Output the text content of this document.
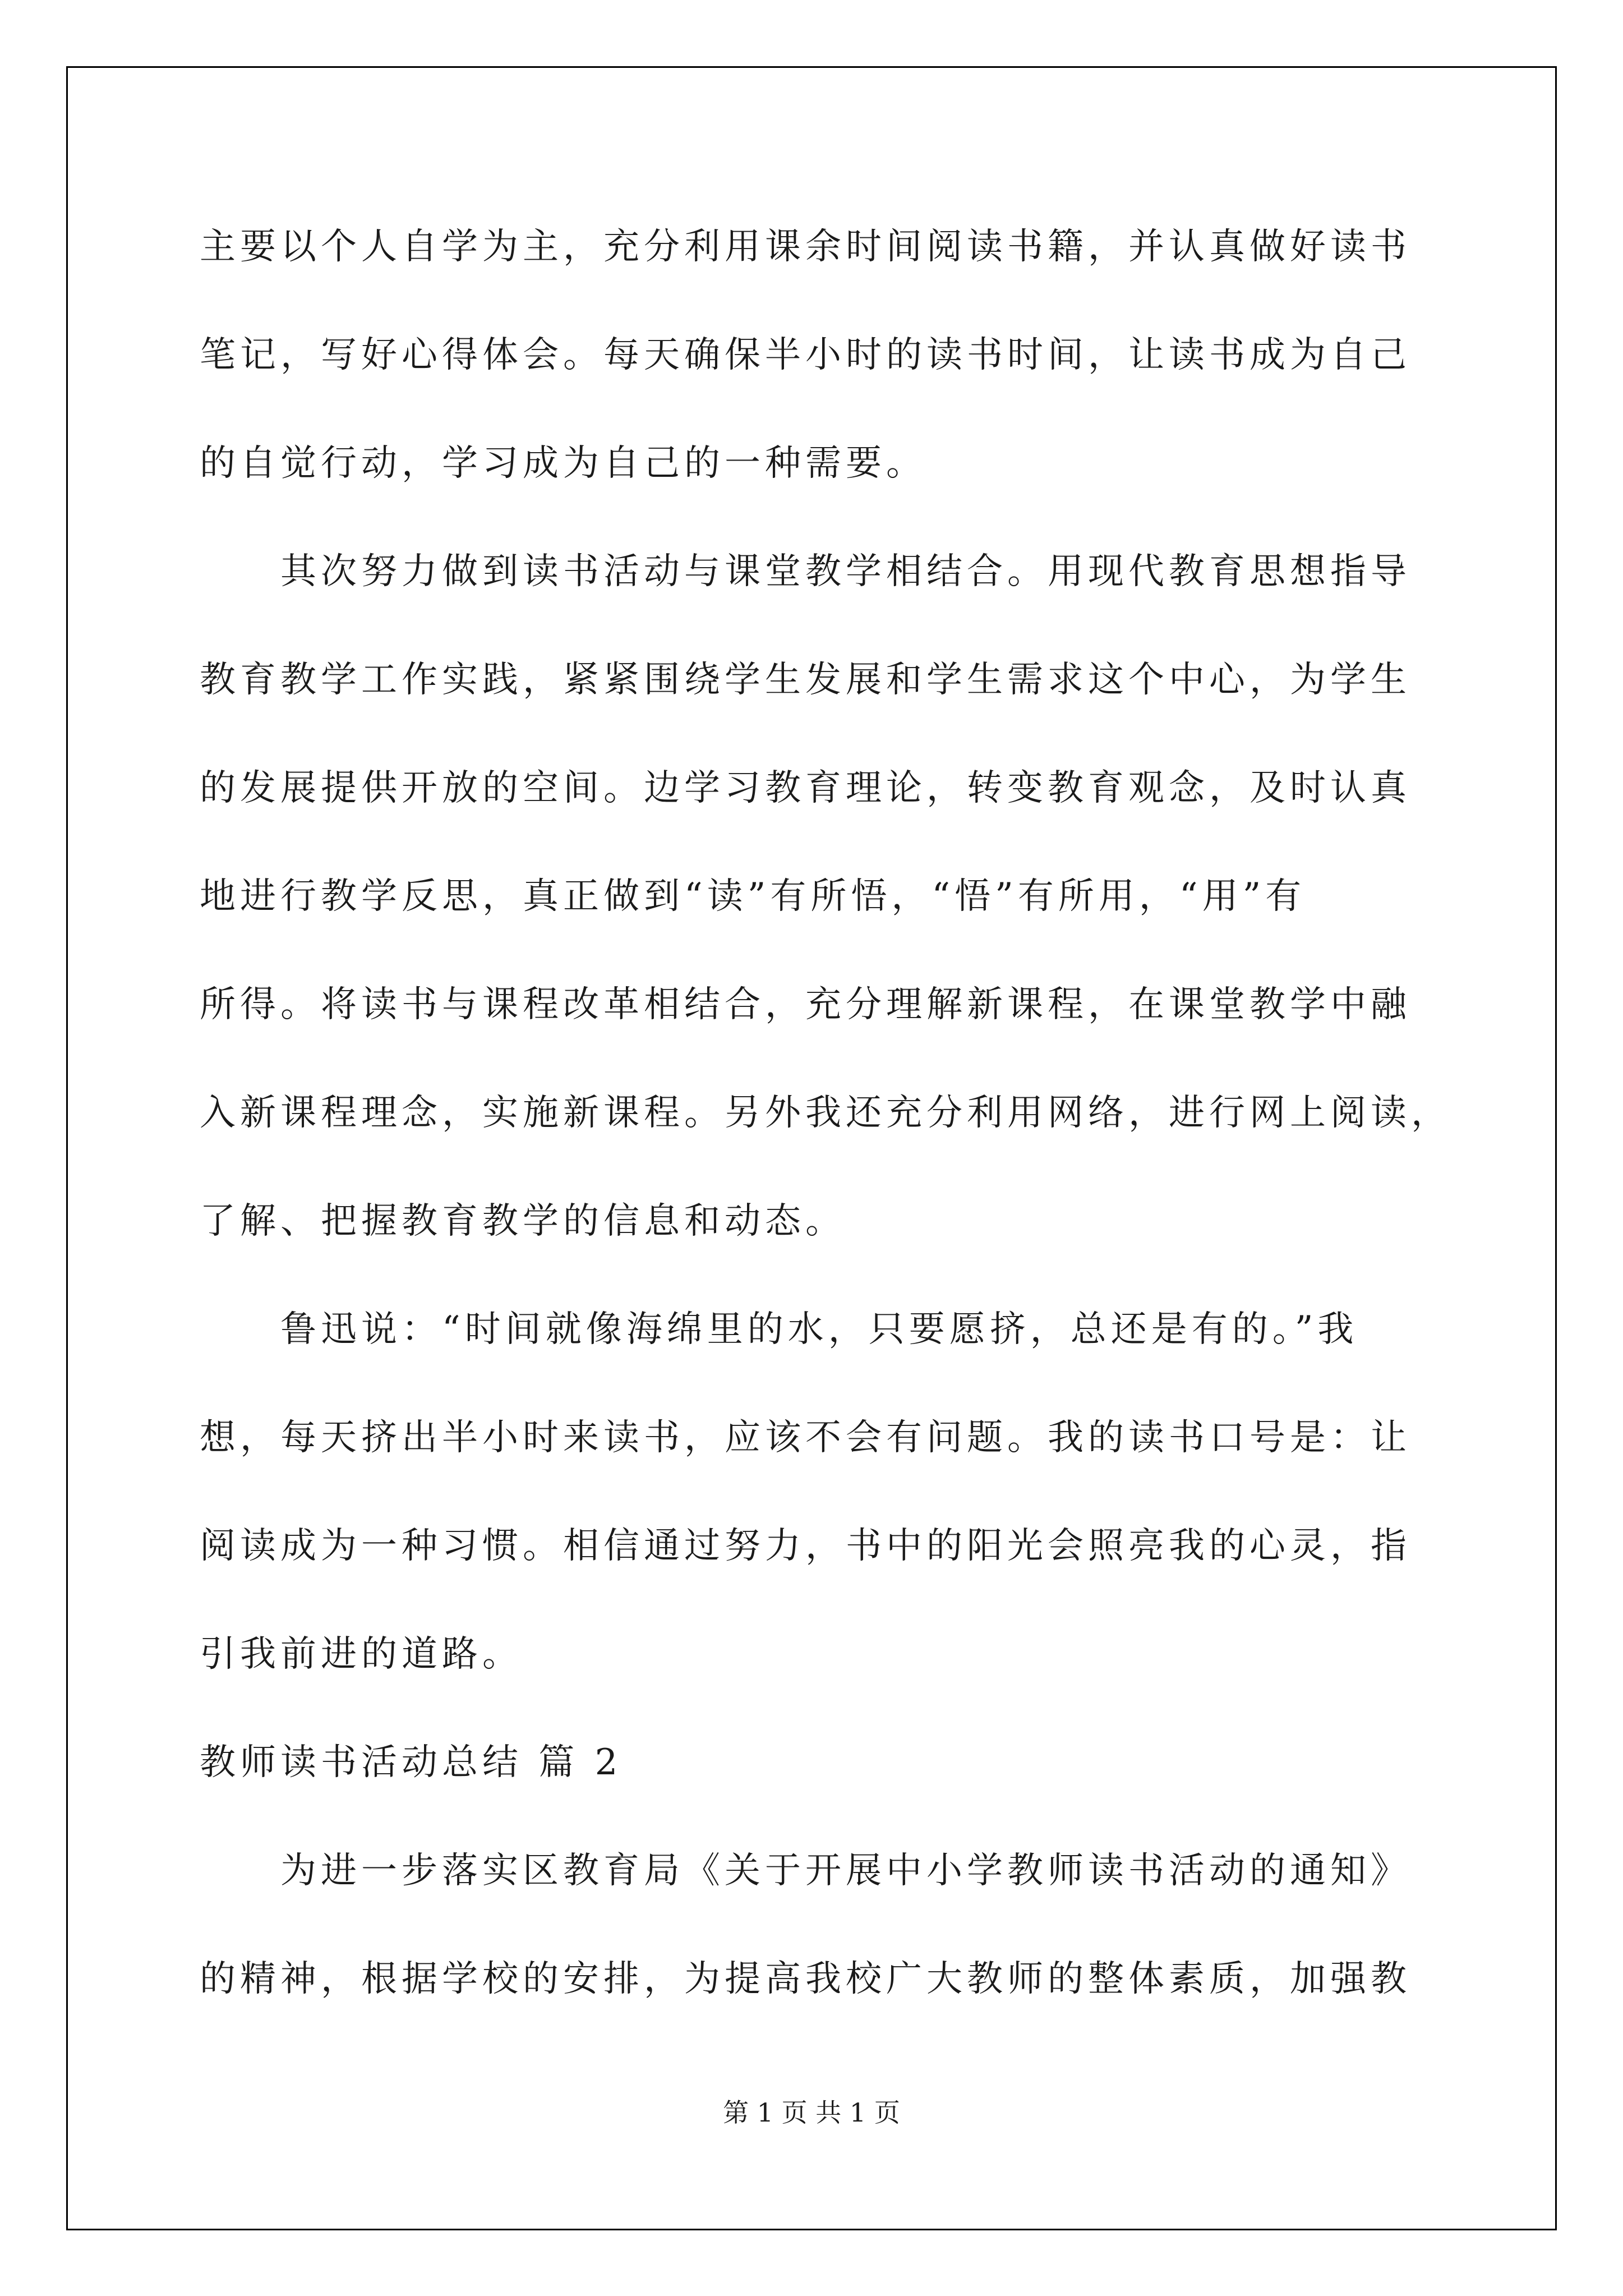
主要以个人自学为主，充分利用课余时间阅读书籍，并认真做好读书
笔记，写好心得体会。每天确保半小时的读书时间，让读书成为自己
的自觉行动，学习成为自己的一种需要。
　　其次努力做到读书活动与课堂教学相结合。用现代教育思想指导
教育教学工作实践，紧紧围绕学生发展和学生需求这个中心，为学生
的发展提供开放的空间。边学习教育理论，转变教育观念，及时认真
地进行教学反思，真正做到“读”有所悟，“悟”有所用，“用”有
所得。将读书与课程改革相结合，充分理解新课程，在课堂教学中融
入新课程理念，实施新课程。另外我还充分利用网络，进行网上阅读，
了解、把握教育教学的信息和动态。
　　鲁迅说：“时间就像海绵里的水，只要愿挤，总还是有的。”我
想，每天挤出半小时来读书，应该不会有问题。我的读书口号是：让
阅读成为一种习惯。相信通过努力，书中的阳光会照亮我的心灵，指
引我前进的道路。
教师读书活动总结 篇 2
　　为进一步落实区教育局《关于开展中小学教师读书活动的通知》
的精神，根据学校的安排，为提高我校广大教师的整体素质，加强教
第 1 页 共 1 页
